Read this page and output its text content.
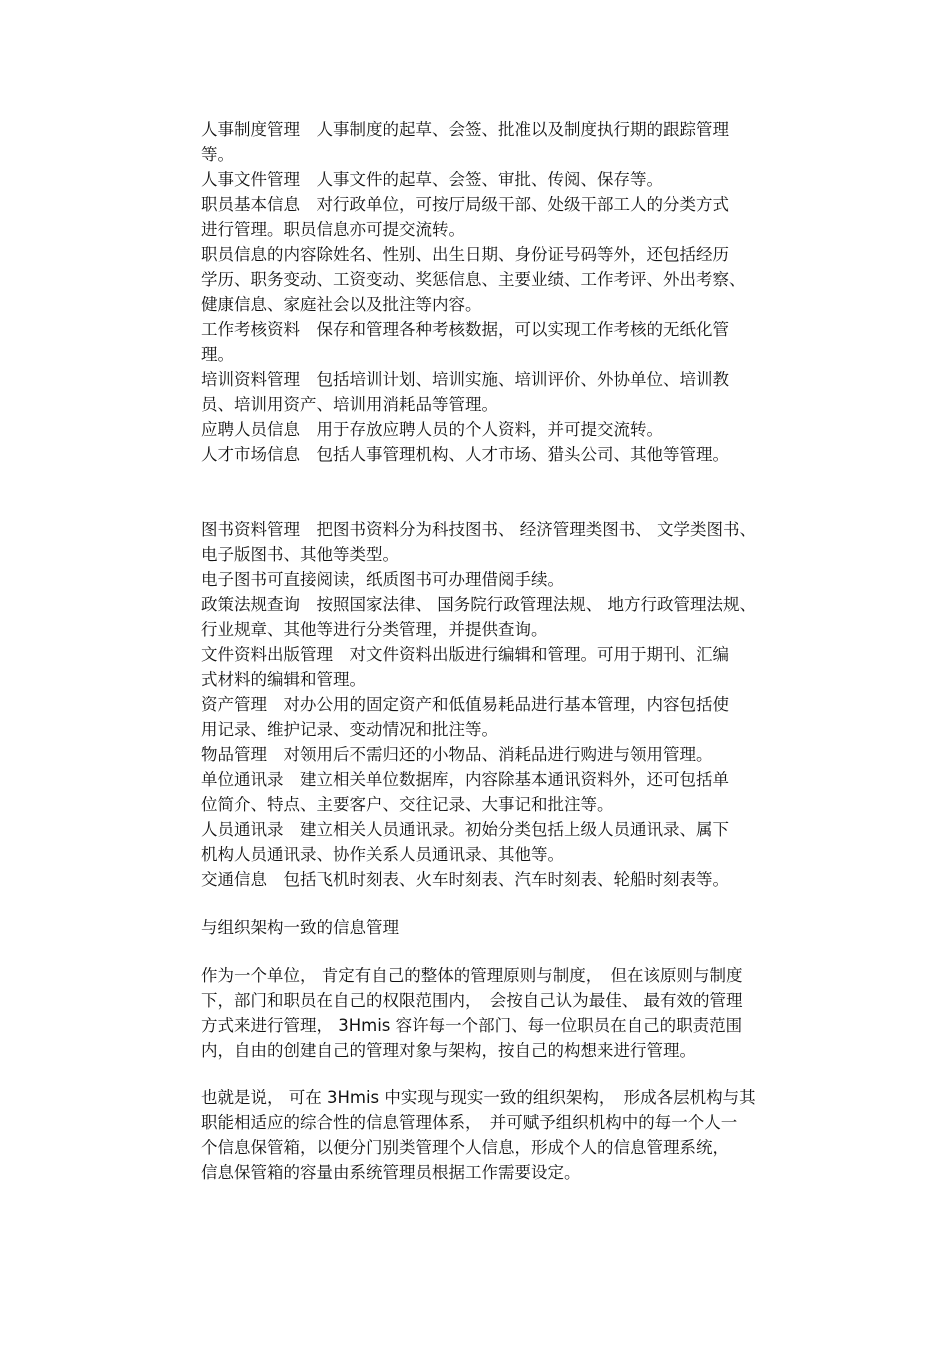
人事制度管理　人事制度的起草、会签、批准以及制度执行期的跟踪管理
等。
人事文件管理　人事文件的起草、会签、审批、传阅、保存等。
职员基本信息　对行政单位，可按厅局级干部、处级干部工人的分类方式
进行管理。职员信息亦可提交流转。
职员信息的内容除姓名、性别、出生日期、身份证号码等外，还包括经历
学历、职务变动、工资变动、奖惩信息、主要业绩、工作考评、外出考察、
健康信息、家庭社会以及批注等内容。
工作考核资料　保存和管理各种考核数据，可以实现工作考核的无纸化管
理。
培训资料管理　包括培训计划、培训实施、培训评价、外协单位、培训教
员、培训用资产、培训用消耗品等管理。
应聘人员信息　用于存放应聘人员的个人资料，并可提交流转。
人才市场信息　包括人事管理机构、人才市场、猎头公司、其他等管理。
图书资料管理　把图书资料分为科技图书、 经济管理类图书、 文学类图书、
电子版图书、其他等类型。
电子图书可直接阅读，纸质图书可办理借阅手续。
政策法规查询　按照国家法律、 国务院行政管理法规、 地方行政管理法规、
行业规章、其他等进行分类管理，并提供查询。
文件资料出版管理　对文件资料出版进行编辑和管理。可用于期刊、汇编
式材料的编辑和管理。
资产管理　对办公用的固定资产和低值易耗品进行基本管理，内容包括使
用记录、维护记录、变动情况和批注等。
物品管理　对领用后不需归还的小物品、消耗品进行购进与领用管理。
单位通讯录　建立相关单位数据库，内容除基本通讯资料外，还可包括单
位简介、特点、主要客户、交往记录、大事记和批注等。
人员通讯录　建立相关人员通讯录。初始分类包括上级人员通讯录、属下
机构人员通讯录、协作关系人员通讯录、其他等。
交通信息　包括飞机时刻表、火车时刻表、汽车时刻表、轮船时刻表等。
与组织架构一致的信息管理
作为一个单位， 肯定有自己的整体的管理原则与制度，　但在该原则与制度
下，部门和职员在自己的权限范围内，　会按自己认为最佳、 最有效的管理
方式来进行管理， 3Hmis 容许每一个部门、每一位职员在自己的职责范围
内，自由的创建自己的管理对象与架构，按自己的构想来进行管理。
也就是说， 可在 3Hmis 中实现与现实一致的组织架构，　形成各层机构与其
职能相适应的综合性的信息管理体系，　并可赋予组织机构中的每一个人一
个信息保管箱，以便分门别类管理个人信息，形成个人的信息管理系统，
信息保管箱的容量由系统管理员根据工作需要设定。
